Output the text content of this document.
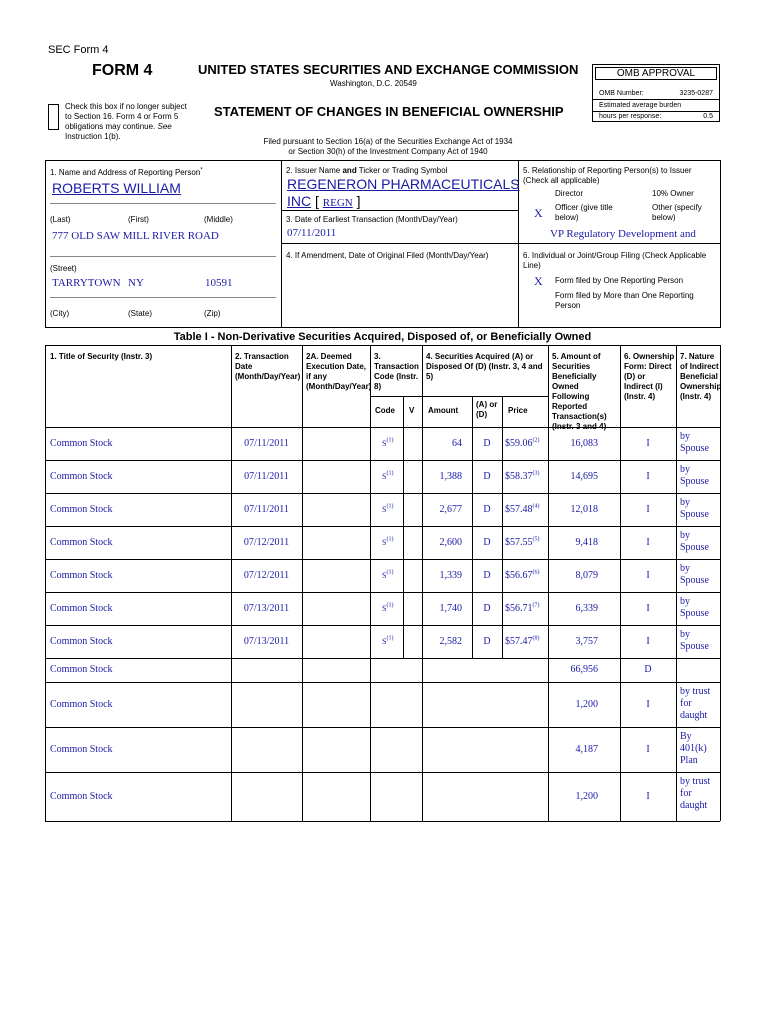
SEC Form 4
FORM 4	UNITED STATES SECURITIES AND EXCHANGE COMMISSION
Washington, D.C. 20549
Check this box if no longer subject
to Section 16. Form 4 or Form 5
obligations may continue. See
Instruction 1(b).
STATEMENT OF CHANGES IN BENEFICIAL OWNERSHIP
Filed pursuant to Section 16(a) of the Securities Exchange Act of 1934
or Section 30(h) of the Investment Company Act of 1940
OMB APPROVAL
OMB Number:	3235-0287
Estimated average burden
hours per response:	0.5
1. Name and Address of Reporting Person*
ROBERTS WILLIAM
(Last)	(First)	(Middle)
777 OLD SAW MILL RIVER ROAD
(Street)
TARRYTOWN NY	10591
(City)	(State)	(Zip)
2. Issuer Name and Ticker or Trading Symbol
REGENERON PHARMACEUTICALS
INC [ REGN ]
3. Date of Earliest Transaction (Month/Day/Year)
07/11/2011
4. If Amendment, Date of Original Filed (Month/Day/Year)
5. Relationship of Reporting Person(s) to Issuer
(Check all applicable)
Director	10% Owner
X Officer (give title
below)
Other (specify
below)
VP Regulatory Development and
6. Individual or Joint/Group Filing (Check Applicable
Line)
X Form filed by One Reporting Person
Form filed by More than One Reporting
Person
Table I - Non-Derivative Securities Acquired, Disposed of, or Beneficially Owned
1. Title of Security (Instr. 3)	2. Transaction
Date
(Month/Day/Year)
2A. Deemed
Execution Date,
if any
(Month/Day/Year)
3.
Transaction
Code (Instr.
8)
4. Securities Acquired (A) or
Disposed Of (D) (Instr. 3, 4 and
5)
5. Amount of
Securities
Beneficially
Owned
Following
Reported
Transaction(s)
(Instr. 3 and 4)
6. Ownership
Form: Direct
(D) or
Indirect (I)
(Instr. 4)
7. Nature
of Indirect
Beneficial
Ownership
(Instr. 4)
Code V Amount
(A) or
(D)	Price
Common Stock	07/11/2011	$S^{(1)}$	64	D	$59.06$^{(2)}$	16,083	I
by
Spouse
Common Stock	07/11/2011	$S^{(1)}$	1,388	D	$58.37$^{(3)}$	14,695	I
by
Spouse
Common Stock	07/11/2011	$S^{(1)}$	2,677	D	$57.48$^{(4)}$	12,018	I
by
Spouse
Common Stock	07/12/2011	$S^{(1)}$	2,600	D	$57.55$^{(5)}$	9,418	I
by
Spouse
Common Stock	07/12/2011	$S^{(1)}$	1,339	D	$56.67$^{(6)}$	8,079	I
by
Spouse
Common Stock	07/13/2011	$S^{(1)}$	1,740	D	$56.71$^{(7)}$	6,339	I
by
Spouse
Common Stock	07/13/2011	$S^{(1)}$	2,582	D	$57.47$^{(8)}$	3,757	I
by
Spouse
Common Stock	66,956	D
Common Stock	1,200	I
by trust
for
daught
Common Stock	4,187	I
By
401(k)
Plan
Common Stock	1,200	I
by trust
for
daught
